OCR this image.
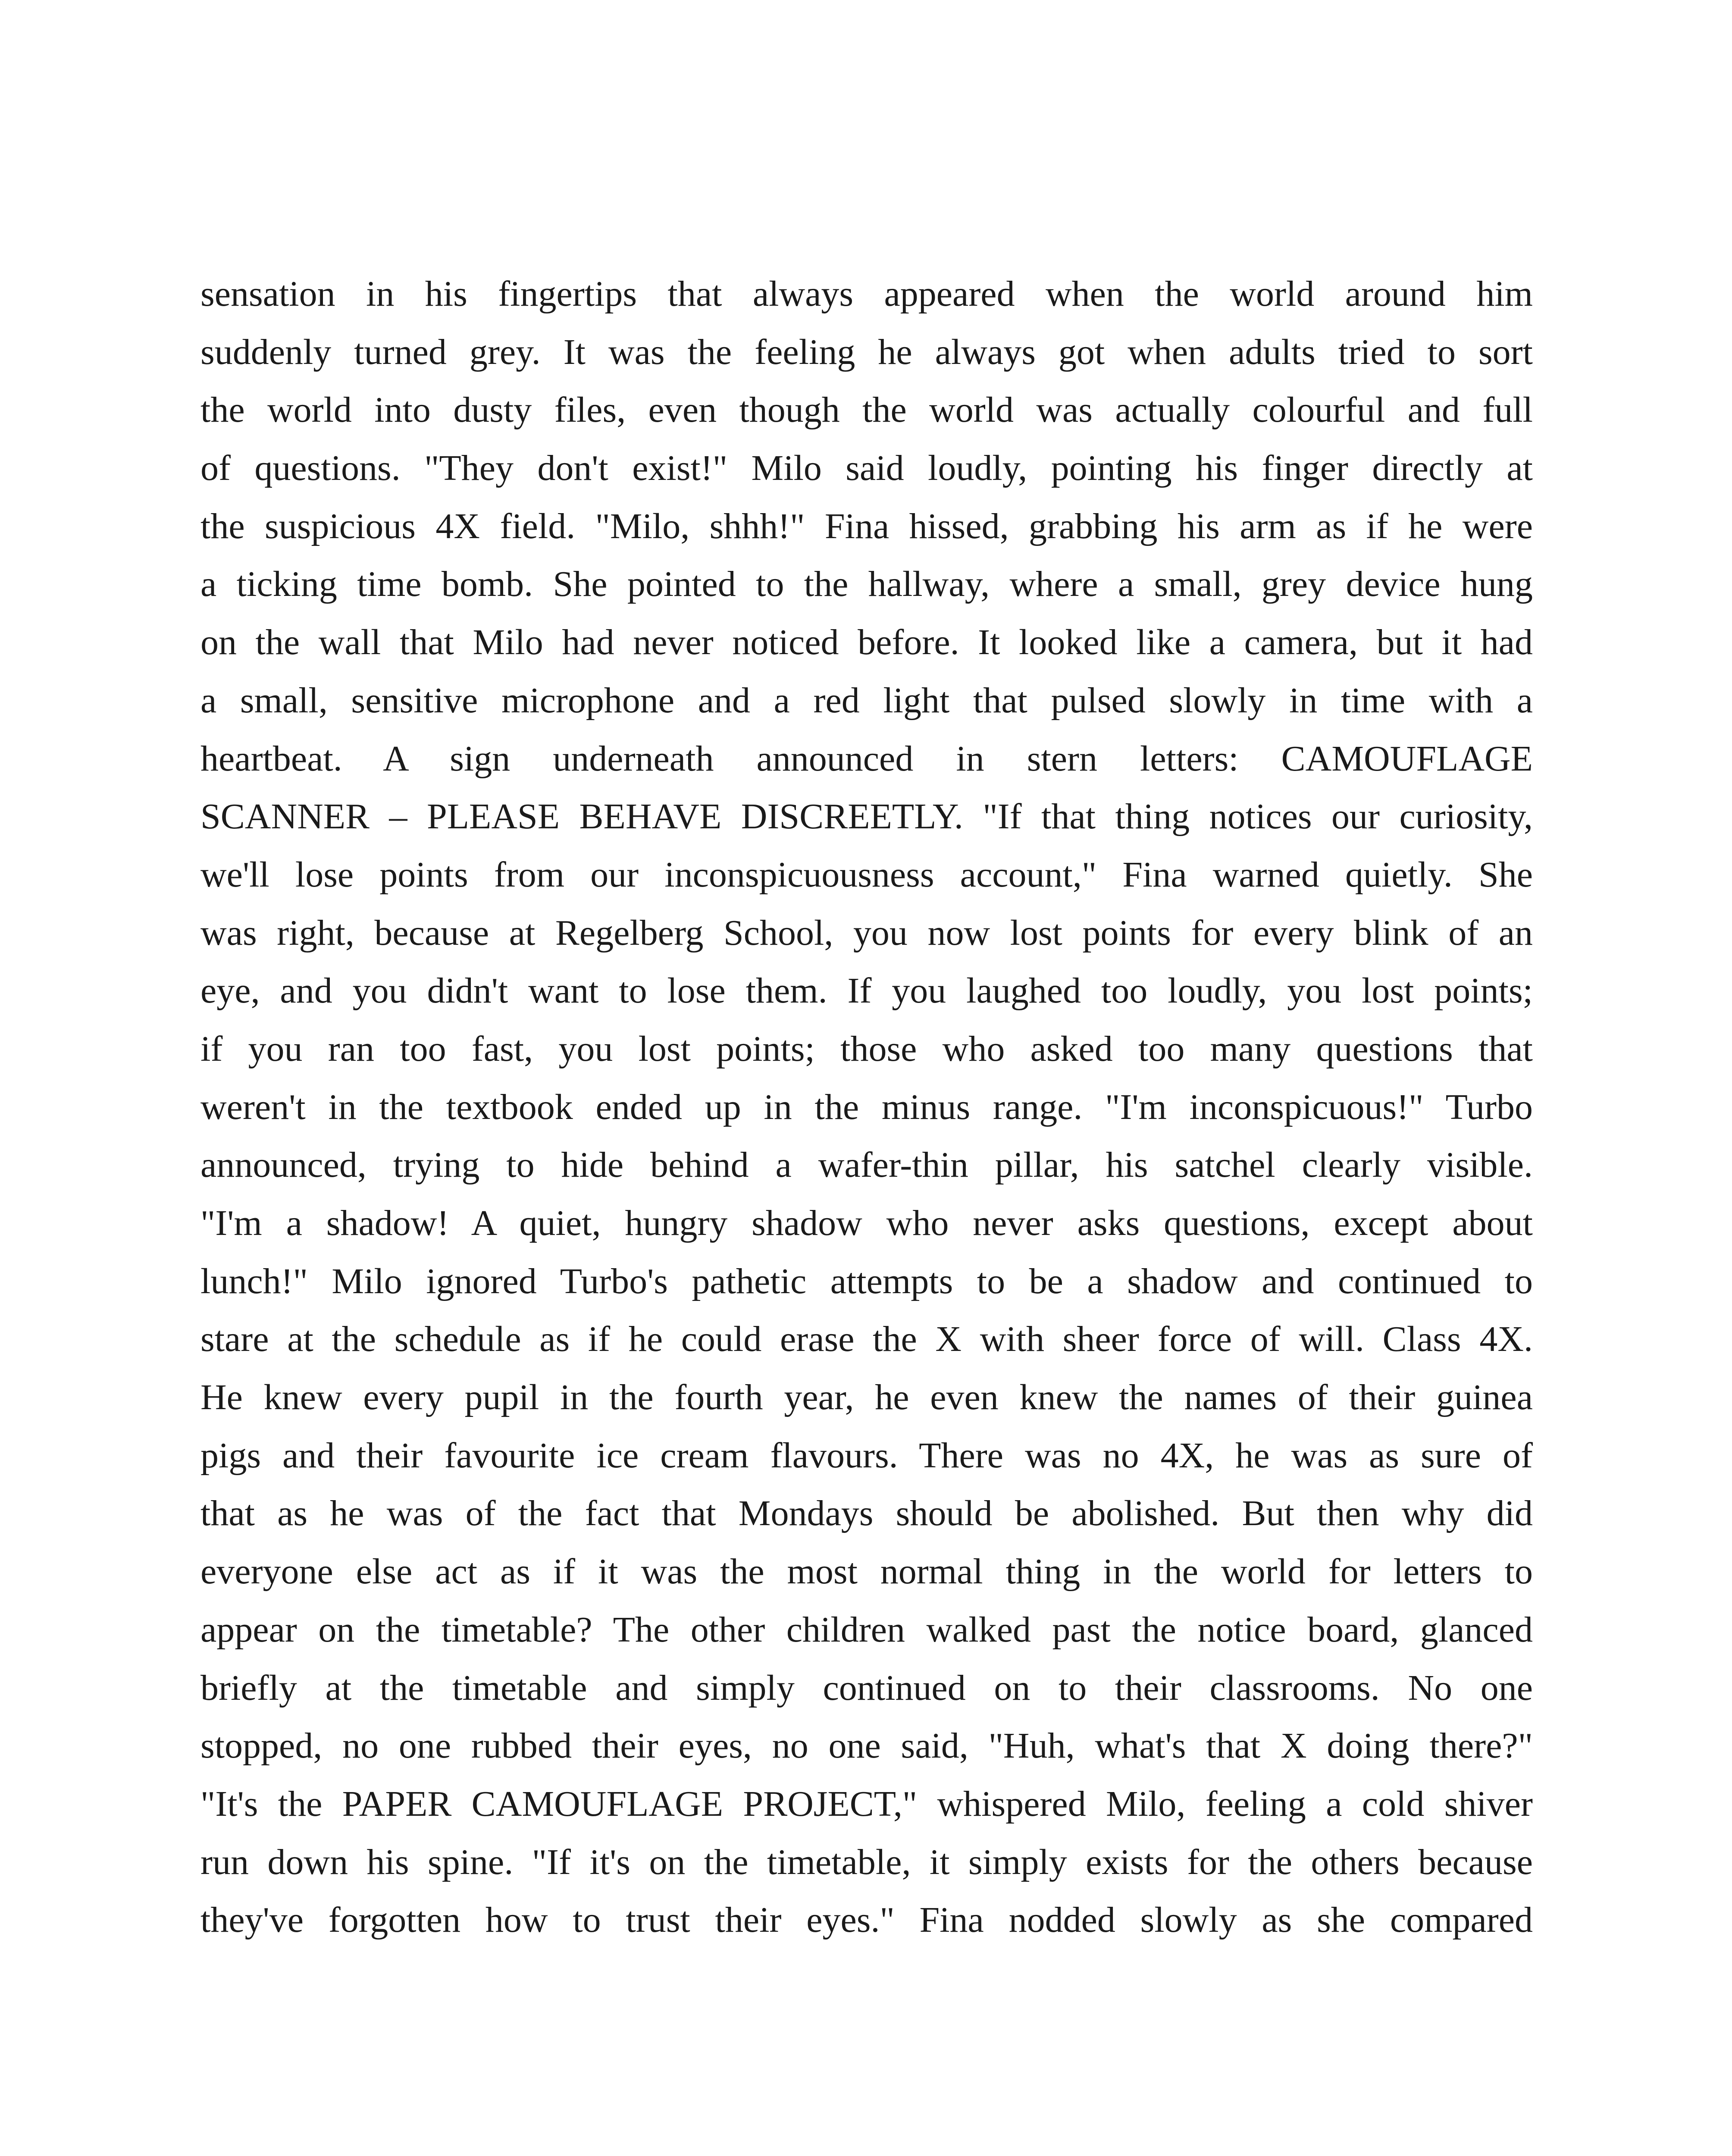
sensation in his fingertips that always appeared when the world around him
suddenly turned grey. It was the feeling he always got when adults tried to sort
the world into dusty files, even though the world was actually colourful and full
of questions. "They don't exist!" Milo said loudly, pointing his finger directly at
the suspicious 4X field. "Milo, shhh!" Fina hissed, grabbing his arm as if he were
a ticking time bomb. She pointed to the hallway, where a small, grey device hung
on the wall that Milo had never noticed before. It looked like a camera, but it had
a small, sensitive microphone and a red light that pulsed slowly in time with a
heartbeat. A sign underneath announced in stern letters: CAMOUFLAGE
SCANNER – PLEASE BEHAVE DISCREETLY. "If that thing notices our curiosity,
we'll lose points from our inconspicuousness account," Fina warned quietly. She
was right, because at Regelberg School, you now lost points for every blink of an
eye, and you didn't want to lose them. If you laughed too loudly, you lost points;
if you ran too fast, you lost points; those who asked too many questions that
weren't in the textbook ended up in the minus range. "I'm inconspicuous!" Turbo
announced, trying to hide behind a wafer-thin pillar, his satchel clearly visible.
"I'm a shadow! A quiet, hungry shadow who never asks questions, except about
lunch!" Milo ignored Turbo's pathetic attempts to be a shadow and continued to
stare at the schedule as if he could erase the X with sheer force of will. Class 4X.
He knew every pupil in the fourth year, he even knew the names of their guinea
pigs and their favourite ice cream flavours. There was no 4X, he was as sure of
that as he was of the fact that Mondays should be abolished. But then why did
everyone else act as if it was the most normal thing in the world for letters to
appear on the timetable? The other children walked past the notice board, glanced
briefly at the timetable and simply continued on to their classrooms. No one
stopped, no one rubbed their eyes, no one said, "Huh, what's that X doing there?"
"It's the PAPER CAMOUFLAGE PROJECT," whispered Milo, feeling a cold shiver
run down his spine. "If it's on the timetable, it simply exists for the others because
they've forgotten how to trust their eyes." Fina nodded slowly as she compared
